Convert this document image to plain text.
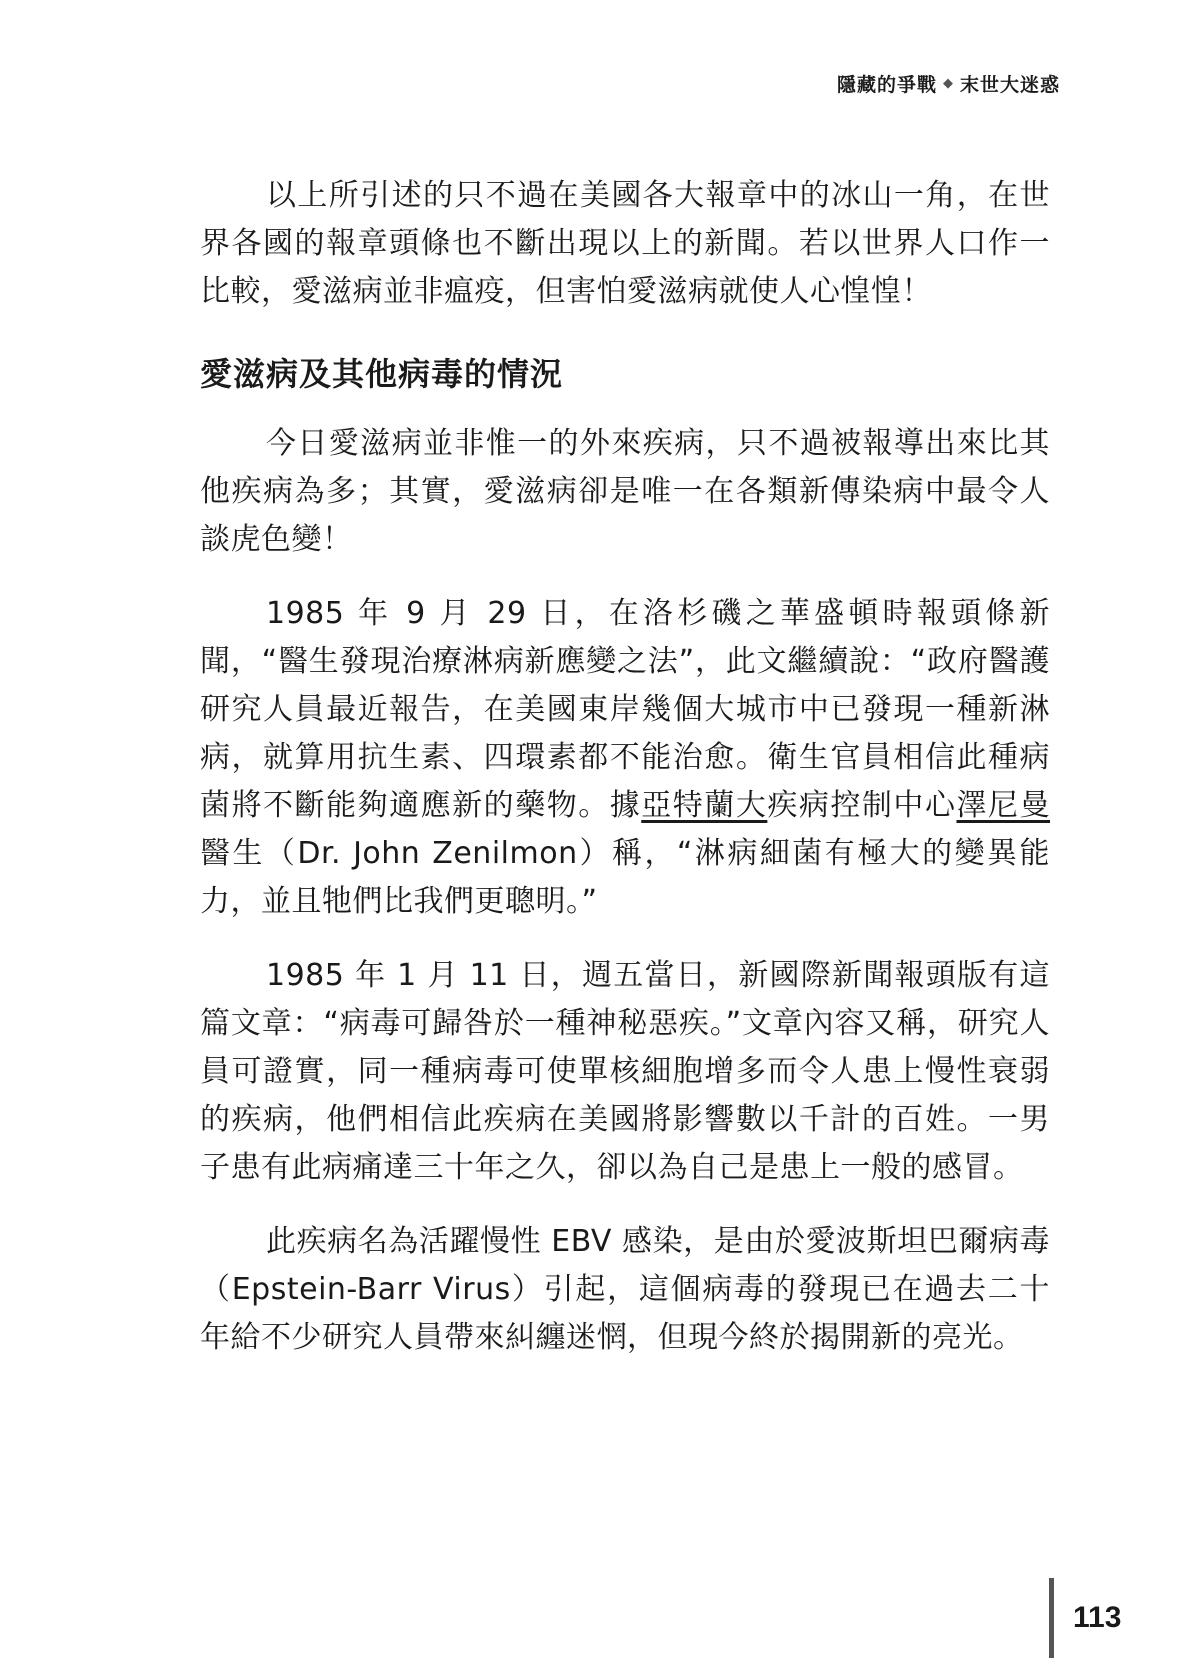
隱藏的爭戰 ◆ 末世大迷惑

以上所引述的只不過在美國各大報章中的冰山一角，在世界各國的報章頭條也不斷出現以上的新聞。若以世界人口作一比較，愛滋病並非瘟疫，但害怕愛滋病就使人心惶惶！

愛滋病及其他病毒的情況

今日愛滋病並非惟一的外來疾病，只不過被報導出來比其他疾病為多；其實，愛滋病卻是唯一在各類新傳染病中最令人談虎色變！

1985 年 9 月 29 日，在洛杉磯之華盛頓時報頭條新聞，“醫生發現治療淋病新應變之法”，此文繼續說：“政府醫護研究人員最近報告，在美國東岸幾個大城市中已發現一種新淋病，就算用抗生素、四環素都不能治愈。衛生官員相信此種病菌將不斷能夠適應新的藥物。據亞特蘭大疾病控制中心澤尼曼醫生（Dr. John Zenilmon）稱，“淋病細菌有極大的變異能力，並且牠們比我們更聰明。”

1985 年 1 月 11 日，週五當日，新國際新聞報頭版有這篇文章：“病毒可歸咎於一種神秘惡疾。”文章內容又稱，研究人員可證實，同一種病毒可使單核細胞增多而令人患上慢性衰弱的疾病，他們相信此疾病在美國將影響數以千計的百姓。一男子患有此病痛達三十年之久，卻以為自己是患上一般的感冒。

此疾病名為活躍慢性 EBV 感染，是由於愛波斯坦巴爾病毒（Epstein-Barr Virus）引起，這個病毒的發現已在過去二十年給不少研究人員帶來糾纏迷惘，但現今終於揭開新的亮光。

113
